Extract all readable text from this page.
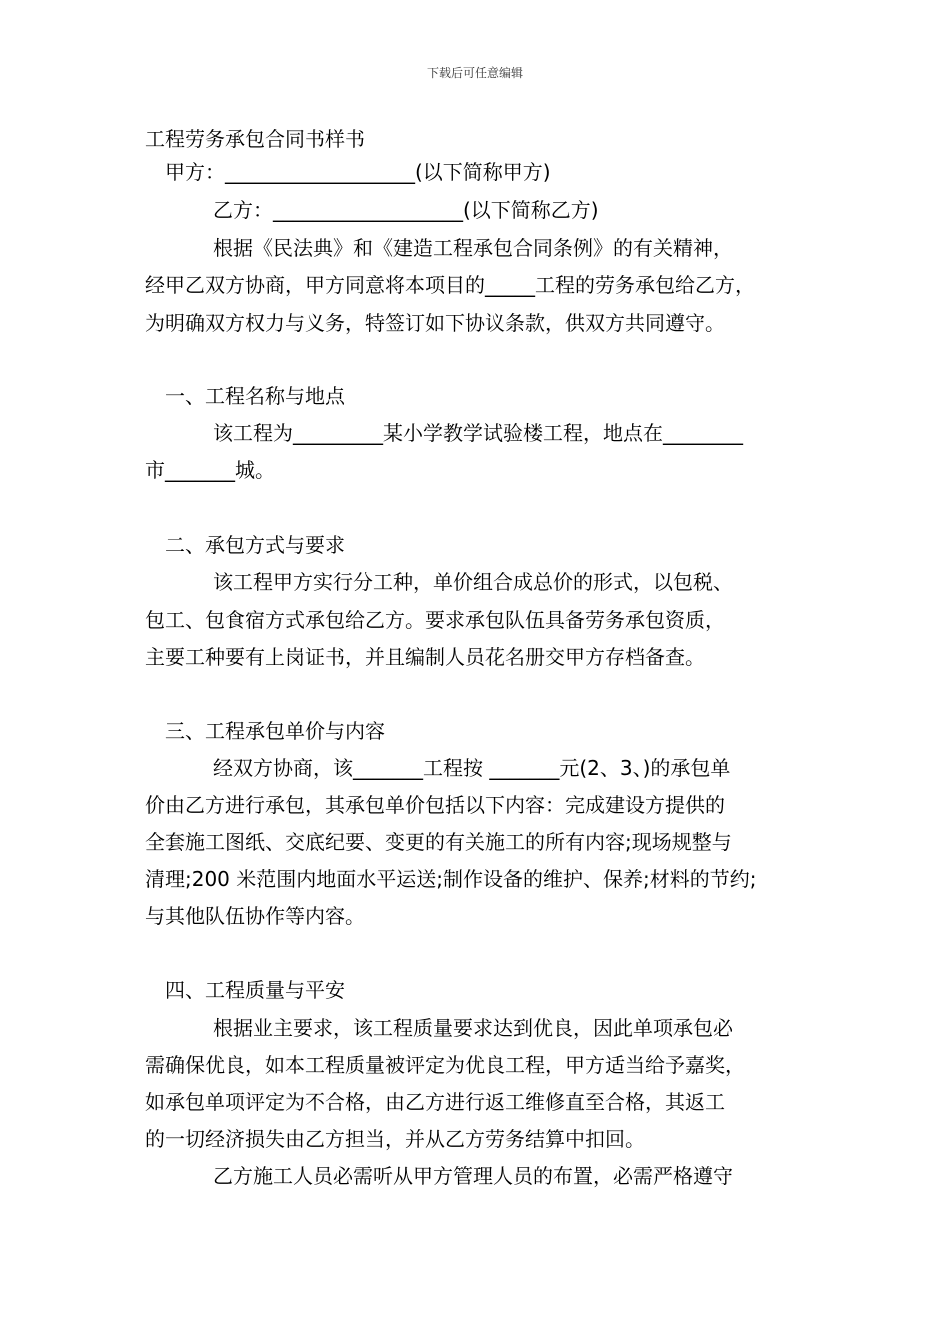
下载后可任意编辑
工程劳务承包合同书样书
甲方：___________________(以下简称甲方)
乙方：___________________(以下简称乙方)
根据《民法典》和《建造工程承包合同条例》的有关精神，
经甲乙双方协商，甲方同意将本项目的_____工程的劳务承包给乙方，
为明确双方权力与义务，特签订如下协议条款，供双方共同遵守。
一、工程名称与地点
该工程为_________某小学教学试验楼工程，地点在________
市_______城。
二、承包方式与要求
该工程甲方实行分工种，单价组合成总价的形式，以包税、
包工、包食宿方式承包给乙方。要求承包队伍具备劳务承包资质，
主要工种要有上岗证书，并且编制人员花名册交甲方存档备查。
三、工程承包单价与内容
经双方协商，该_______工程按 _______元(2、3、)的承包单
价由乙方进行承包，其承包单价包括以下内容：完成建设方提供的
全套施工图纸、交底纪要、变更的有关施工的所有内容;现场规整与
清理;200 米范围内地面水平运送;制作设备的维护、保养;材料的节约;
与其他队伍协作等内容。
四、工程质量与平安
根据业主要求，该工程质量要求达到优良，因此单项承包必
需确保优良，如本工程质量被评定为优良工程，甲方适当给予嘉奖，
如承包单项评定为不合格，由乙方进行返工维修直至合格，其返工
的一切经济损失由乙方担当，并从乙方劳务结算中扣回。
乙方施工人员必需听从甲方管理人员的布置，必需严格遵守
